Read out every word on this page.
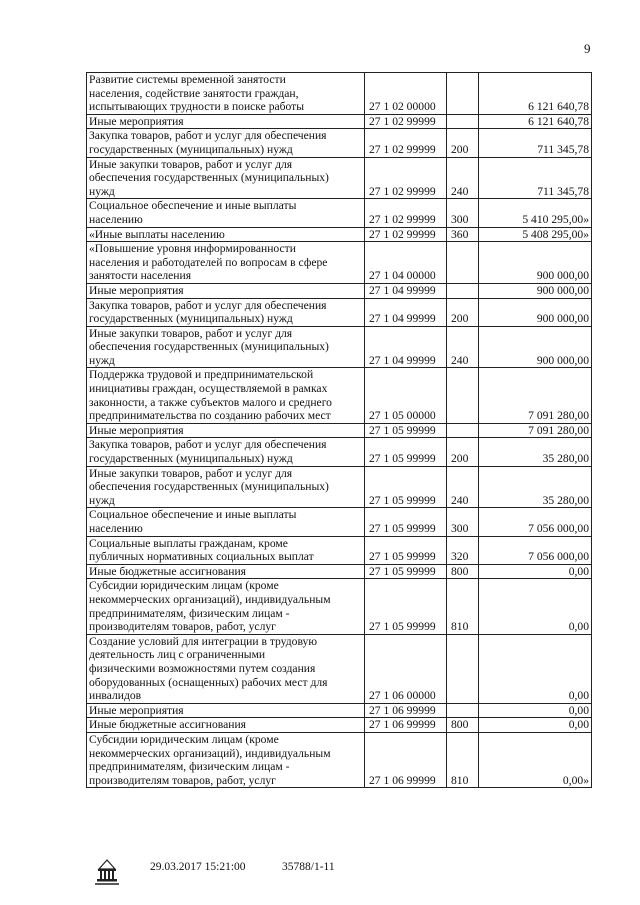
9
Развитие системы временной занятости
населения, содействие занятости граждан,
испытывающих трудности в поиске работы	27 1 02 00000		6 121 640,78
Иные мероприятия	27 1 02 99999		6 121 640,78
Закупка товаров, работ и услуг для обеспечения
государственных (муниципальных) нужд	27 1 02 99999	200	711 345,78
Иные закупки товаров, работ и услуг для
обеспечения государственных (муниципальных)
нужд	27 1 02 99999	240	711 345,78
Социальное обеспечение и иные выплаты
населению	27 1 02 99999	300	5 410 295,00»
«Иные выплаты населению	27 1 02 99999	360	5 408 295,00»
«Повышение уровня информированности
населения и работодателей по вопросам в сфере
занятости населения	27 1 04 00000		900 000,00
Иные мероприятия	27 1 04 99999		900 000,00
Закупка товаров, работ и услуг для обеспечения
государственных (муниципальных) нужд	27 1 04 99999	200	900 000,00
Иные закупки товаров, работ и услуг для
обеспечения государственных (муниципальных)
нужд	27 1 04 99999	240	900 000,00
Поддержка трудовой и предпринимательской
инициативы граждан, осуществляемой в рамках
законности, а также субъектов малого и среднего
предпринимательства по созданию рабочих мест	27 1 05 00000		7 091 280,00
Иные мероприятия	27 1 05 99999		7 091 280,00
Закупка товаров, работ и услуг для обеспечения
государственных (муниципальных) нужд	27 1 05 99999	200	35 280,00
Иные закупки товаров, работ и услуг для
обеспечения государственных (муниципальных)
нужд	27 1 05 99999	240	35 280,00
Социальное обеспечение и иные выплаты
населению	27 1 05 99999	300	7 056 000,00
Социальные выплаты гражданам, кроме
публичных нормативных социальных выплат	27 1 05 99999	320	7 056 000,00
Иные бюджетные ассигнования	27 1 05 99999	800	0,00
Субсидии юридическим лицам (кроме
некоммерческих организаций), индивидуальным
предпринимателям, физическим лицам -
производителям товаров, работ, услуг	27 1 05 99999	810	0,00
Создание условий для интеграции в трудовую
деятельность лиц с ограниченными
физическими возможностями путем создания
оборудованных (оснащенных) рабочих мест для
инвалидов	27 1 06 00000		0,00
Иные мероприятия	27 1 06 99999		0,00
Иные бюджетные ассигнования	27 1 06 99999	800	0,00
Субсидии юридическим лицам (кроме
некоммерческих организаций), индивидуальным
предпринимателям, физическим лицам -
производителям товаров, работ, услуг	27 1 06 99999	810	0,00»
29.03.2017 15:21:00	35788/1-11
